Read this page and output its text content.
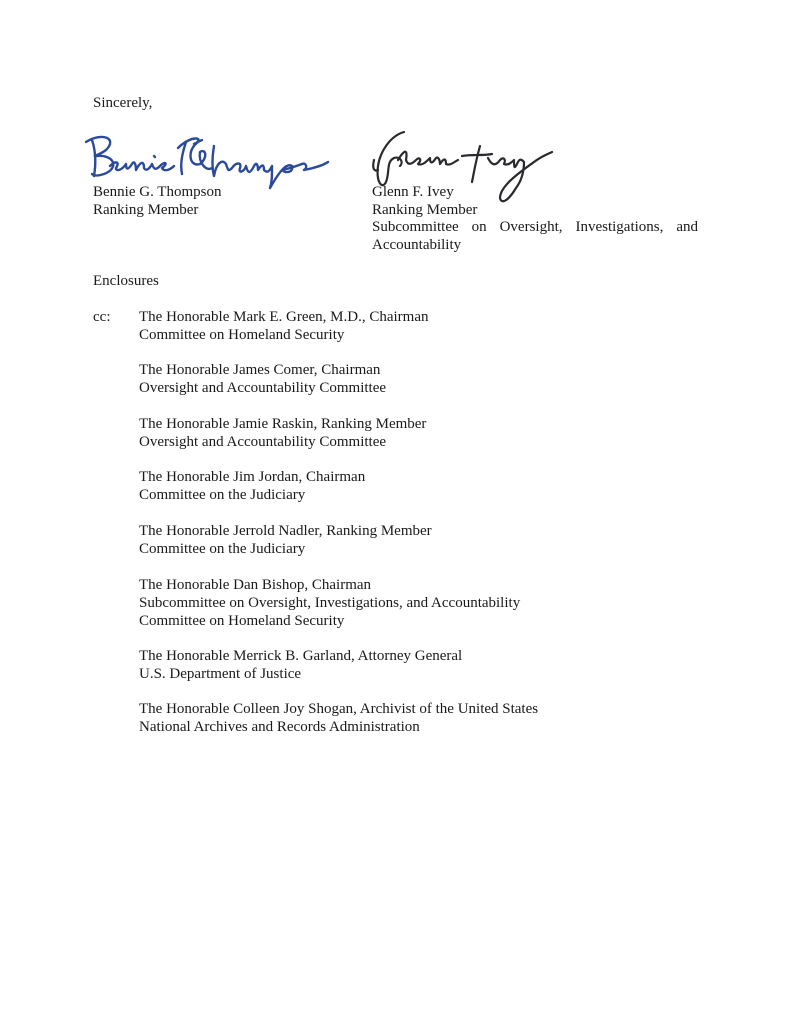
Sincerely,
Bennie G. Thompson
Ranking Member
Glenn F. Ivey
Ranking Member
Subcommittee on Oversight, Investigations, and
Accountability
Enclosures
cc: The Honorable Mark E. Green, M.D., Chairman
Committee on Homeland Security
The Honorable James Comer, Chairman
Oversight and Accountability Committee
The Honorable Jamie Raskin, Ranking Member
Oversight and Accountability Committee
The Honorable Jim Jordan, Chairman
Committee on the Judiciary
The Honorable Jerrold Nadler, Ranking Member
Committee on the Judiciary
The Honorable Dan Bishop, Chairman
Subcommittee on Oversight, Investigations, and Accountability
Committee on Homeland Security
The Honorable Merrick B. Garland, Attorney General
U.S. Department of Justice
The Honorable Colleen Joy Shogan, Archivist of the United States
National Archives and Records Administration
